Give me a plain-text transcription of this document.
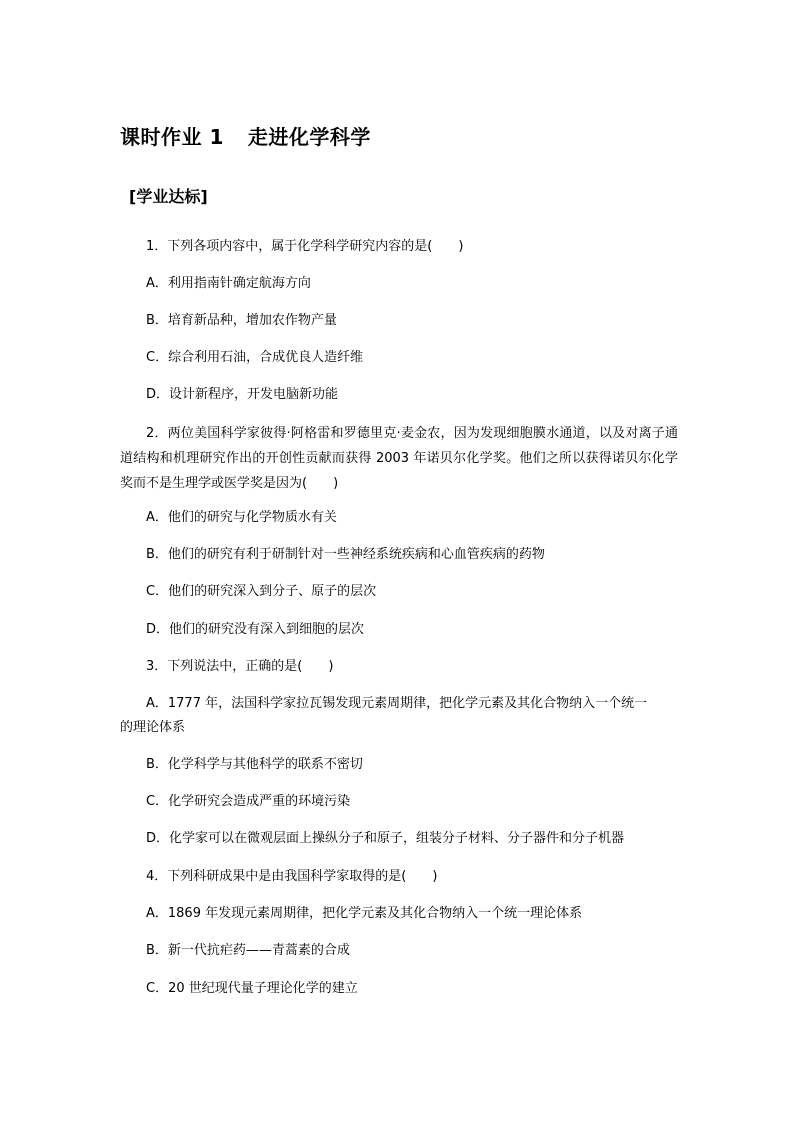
课时作业 1 走进化学科学
[学业达标]
1．下列各项内容中，属于化学科学研究内容的是(　　)
A．利用指南针确定航海方向
B．培育新品种，增加农作物产量
C．综合利用石油，合成优良人造纤维
D．设计新程序，开发电脑新功能
2．两位美国科学家彼得·阿格雷和罗德里克·麦金农，因为发现细胞膜水通道，以及对离子通道结构和机理研究作出的开创性贡献而获得 2003 年诺贝尔化学奖。他们之所以获得诺贝尔化学奖而不是生理学或医学奖是因为(　　)
A．他们的研究与化学物质水有关
B．他们的研究有利于研制针对一些神经系统疾病和心血管疾病的药物
C．他们的研究深入到分子、原子的层次
D．他们的研究没有深入到细胞的层次
3．下列说法中，正确的是(　　)
A．1777 年，法国科学家拉瓦锡发现元素周期律，把化学元素及其化合物纳入一个统一
的理论体系
B．化学科学与其他科学的联系不密切
C．化学研究会造成严重的环境污染
D．化学家可以在微观层面上操纵分子和原子，组装分子材料、分子器件和分子机器
4．下列科研成果中是由我国科学家取得的是(　　)
A．1869 年发现元素周期律，把化学元素及其化合物纳入一个统一理论体系
B．新一代抗疟药——青蒿素的合成
C．20 世纪现代量子理论化学的建立
